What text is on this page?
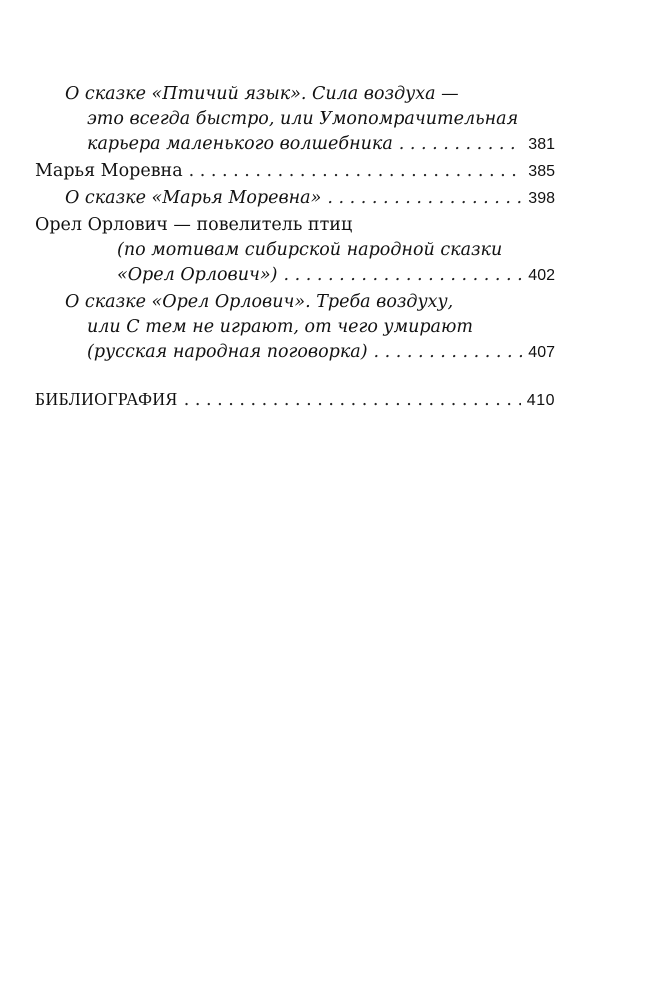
О сказке «Птичий язык». Сила воздуха —
это всегда быстро, или Умопомрачительная
карьера маленького волшебника . . .	381
Марья Моревна . . .	385
О сказке «Марья Моревна» . . .	398
Орел Орлович — повелитель птиц
(по мотивам сибирской народной сказки
«Орел Орлович») . . .	402
О сказке «Орел Орлович». Треба воздуху,
или С тем не играют, от чего умирают
(русская народная поговорка) . . .	407
БИБЛИОГРАФИЯ . . .	410
